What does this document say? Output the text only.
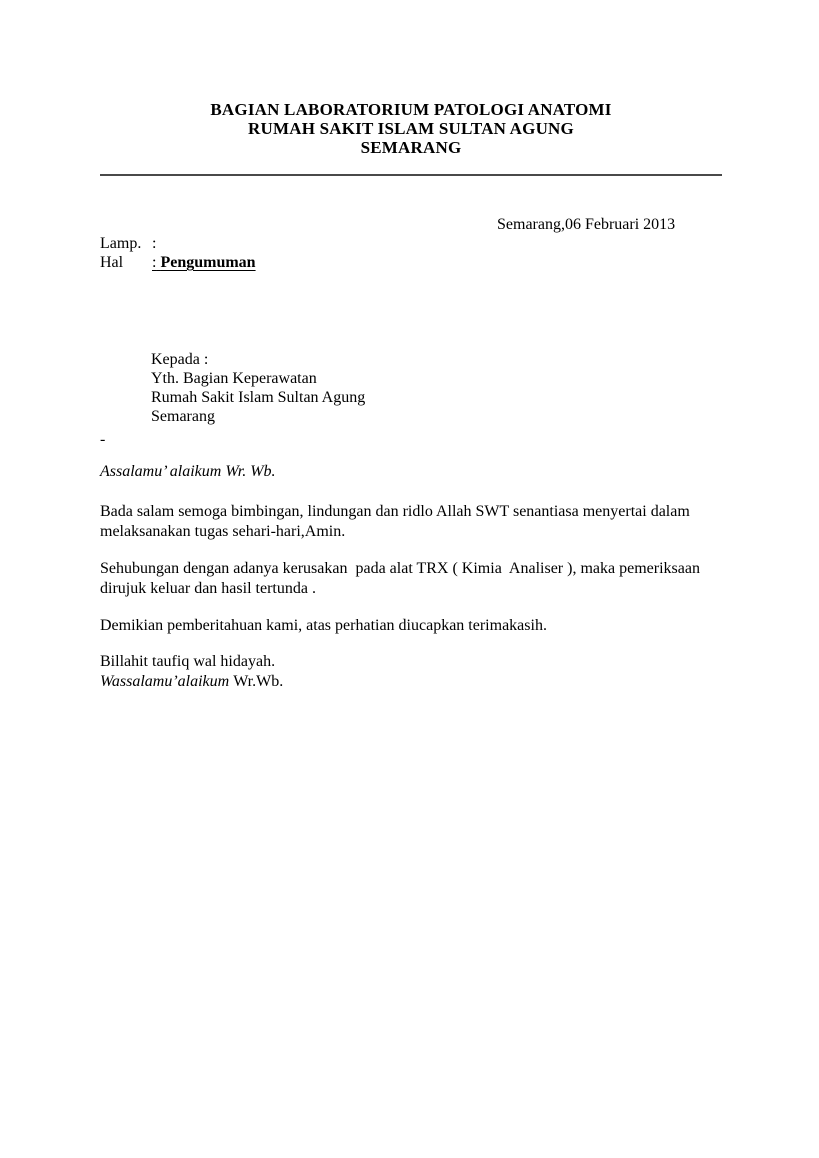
BAGIAN LABORATORIUM PATOLOGI ANATOMI
RUMAH SAKIT ISLAM SULTAN AGUNG
SEMARANG
Semarang,06 Februari 2013
Lamp. :
Hal : Pengumuman
Kepada :
Yth. Bagian Keperawatan
Rumah Sakit Islam Sultan Agung
Semarang
-
Assalamu’ alaikum Wr. Wb.
Bada salam semoga bimbingan, lindungan dan ridlo Allah SWT senantiasa menyertai dalam melaksanakan tugas sehari-hari,Amin.
Sehubungan dengan adanya kerusakan  pada alat TRX ( Kimia  Analiser ), maka pemeriksaan dirujuk keluar dan hasil tertunda .
Demikian pemberitahuan kami, atas perhatian diucapkan terimakasih.
Billahit taufiq wal hidayah.
Wassalamu’alaikum Wr.Wb.
